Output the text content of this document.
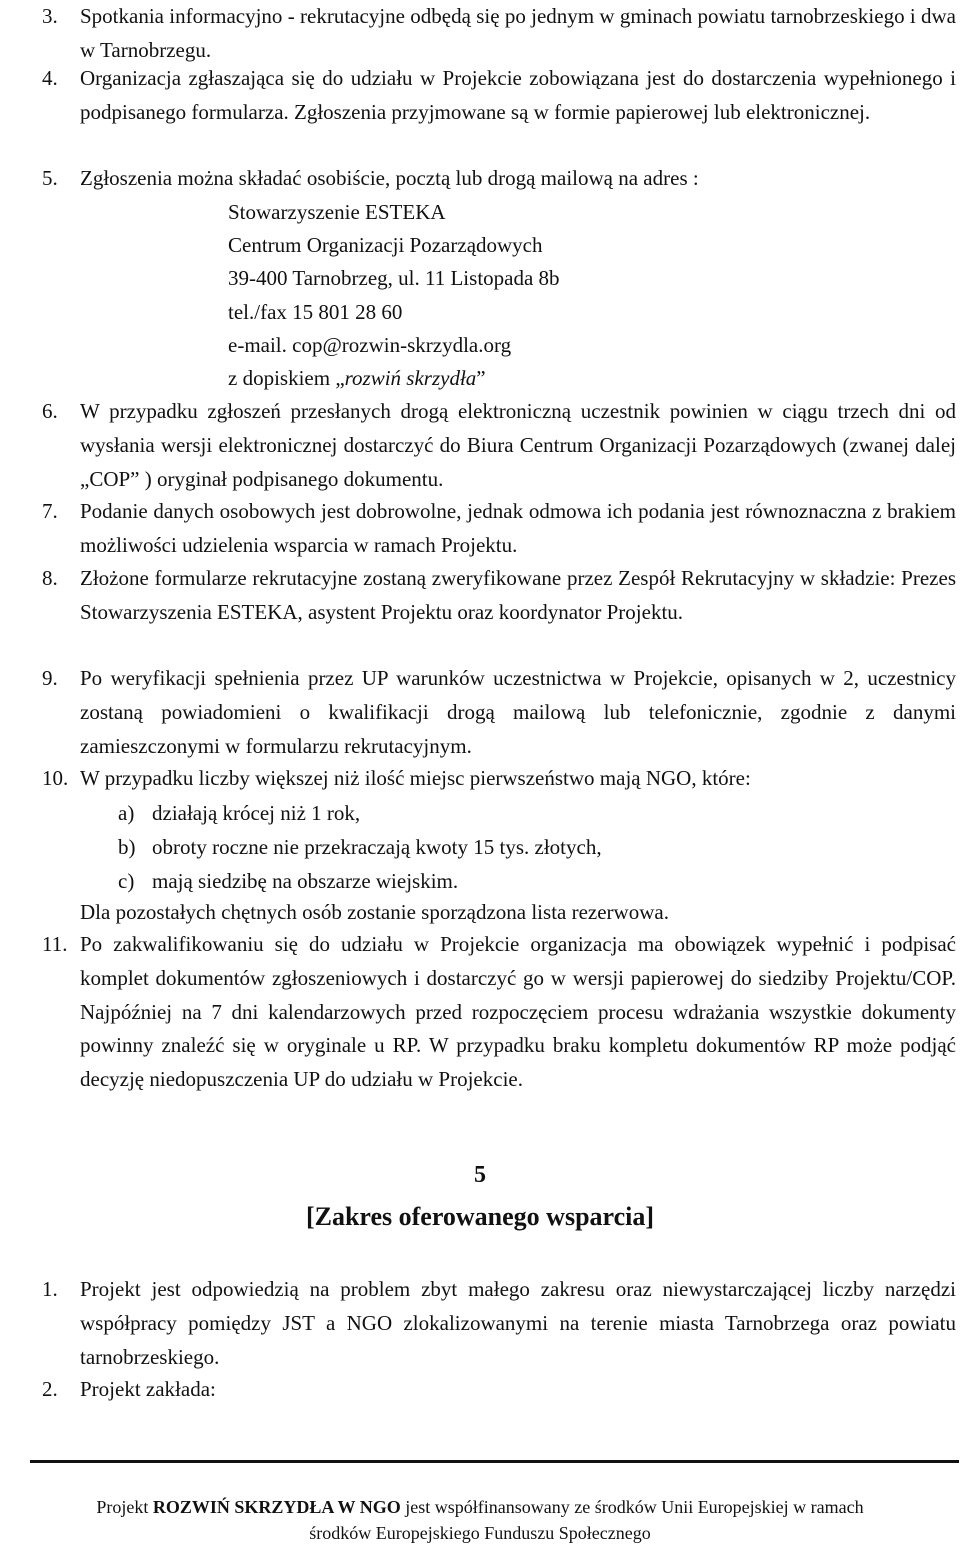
3. Spotkania informacyjno - rekrutacyjne odbędą się po jednym w gminach powiatu tarnobrzeskiego i dwa w Tarnobrzegu.
4. Organizacja zgłaszająca się do udziału w Projekcie zobowiązana jest do dostarczenia wypełnionego i podpisanego formularza. Zgłoszenia przyjmowane są w formie papierowej lub elektronicznej.
5. Zgłoszenia można składać osobiście, pocztą lub drogą mailową na adres :
Stowarzyszenie ESTEKA
Centrum Organizacji Pozarządowych
39-400 Tarnobrzeg, ul. 11 Listopada 8b
tel./fax 15 801 28 60
e-mail. cop@rozwin-skrzydla.org
z dopiskiem „rozwiń skrzydła”
6. W przypadku zgłoszeń przesłanych drogą elektroniczną uczestnik powinien w ciągu trzech dni od wysłania wersji elektronicznej dostarczyć do Biura Centrum Organizacji Pozarządowych (zwanej dalej „COP” ) oryginał podpisanego dokumentu.
7. Podanie danych osobowych jest dobrowolne, jednak odmowa ich podania jest równoznaczna z brakiem możliwości udzielenia wsparcia w ramach Projektu.
8. Złożone formularze rekrutacyjne zostaną zweryfikowane przez Zespół Rekrutacyjny w składzie: Prezes Stowarzyszenia ESTEKA, asystent Projektu oraz koordynator Projektu.
9. Po weryfikacji spełnienia przez UP warunków uczestnictwa w Projekcie, opisanych w 2, uczestnicy zostaną powiadomieni o kwalifikacji drogą mailową lub telefonicznie, zgodnie z danymi zamieszczonymi w formularzu rekrutacyjnym.
10. W przypadku liczby większej niż ilość miejsc pierwszeństwo mają NGO, które:
a) działają krócej niż 1 rok,
b) obroty roczne nie przekraczają kwoty 15 tys. złotych,
c) mają siedzibę na obszarze wiejskim.
Dla pozostałych chętnych osób zostanie sporządzona lista rezerwowa.
11. Po zakwalifikowaniu się do udziału w Projekcie organizacja ma obowiązek wypełnić i podpisać komplet dokumentów zgłoszeniowych i dostarczyć go w wersji papierowej do siedziby Projektu/COP. Najpóźniej na 7 dni kalendarzowych przed rozpoczęciem procesu wdrażania wszystkie dokumenty powinny znaleźć się w oryginale u RP. W przypadku braku kompletu dokumentów RP może podjąć decyzję niedopuszczenia UP do udziału w Projekcie.
5
[Zakres oferowanego wsparcia]
1. Projekt jest odpowiedzią na problem zbyt małego zakresu oraz niewystarczającej liczby narzędzi współpracy pomiędzy JST a NGO zlokalizowanymi na terenie miasta Tarnobrzega oraz powiatu tarnobrzeskiego.
2. Projekt zakłada:
Projekt ROZWIŃ SKRZYDŁA W NGO jest współfinansowany ze środków Unii Europejskiej w ramach
środków Europejskiego Funduszu Społecznego
